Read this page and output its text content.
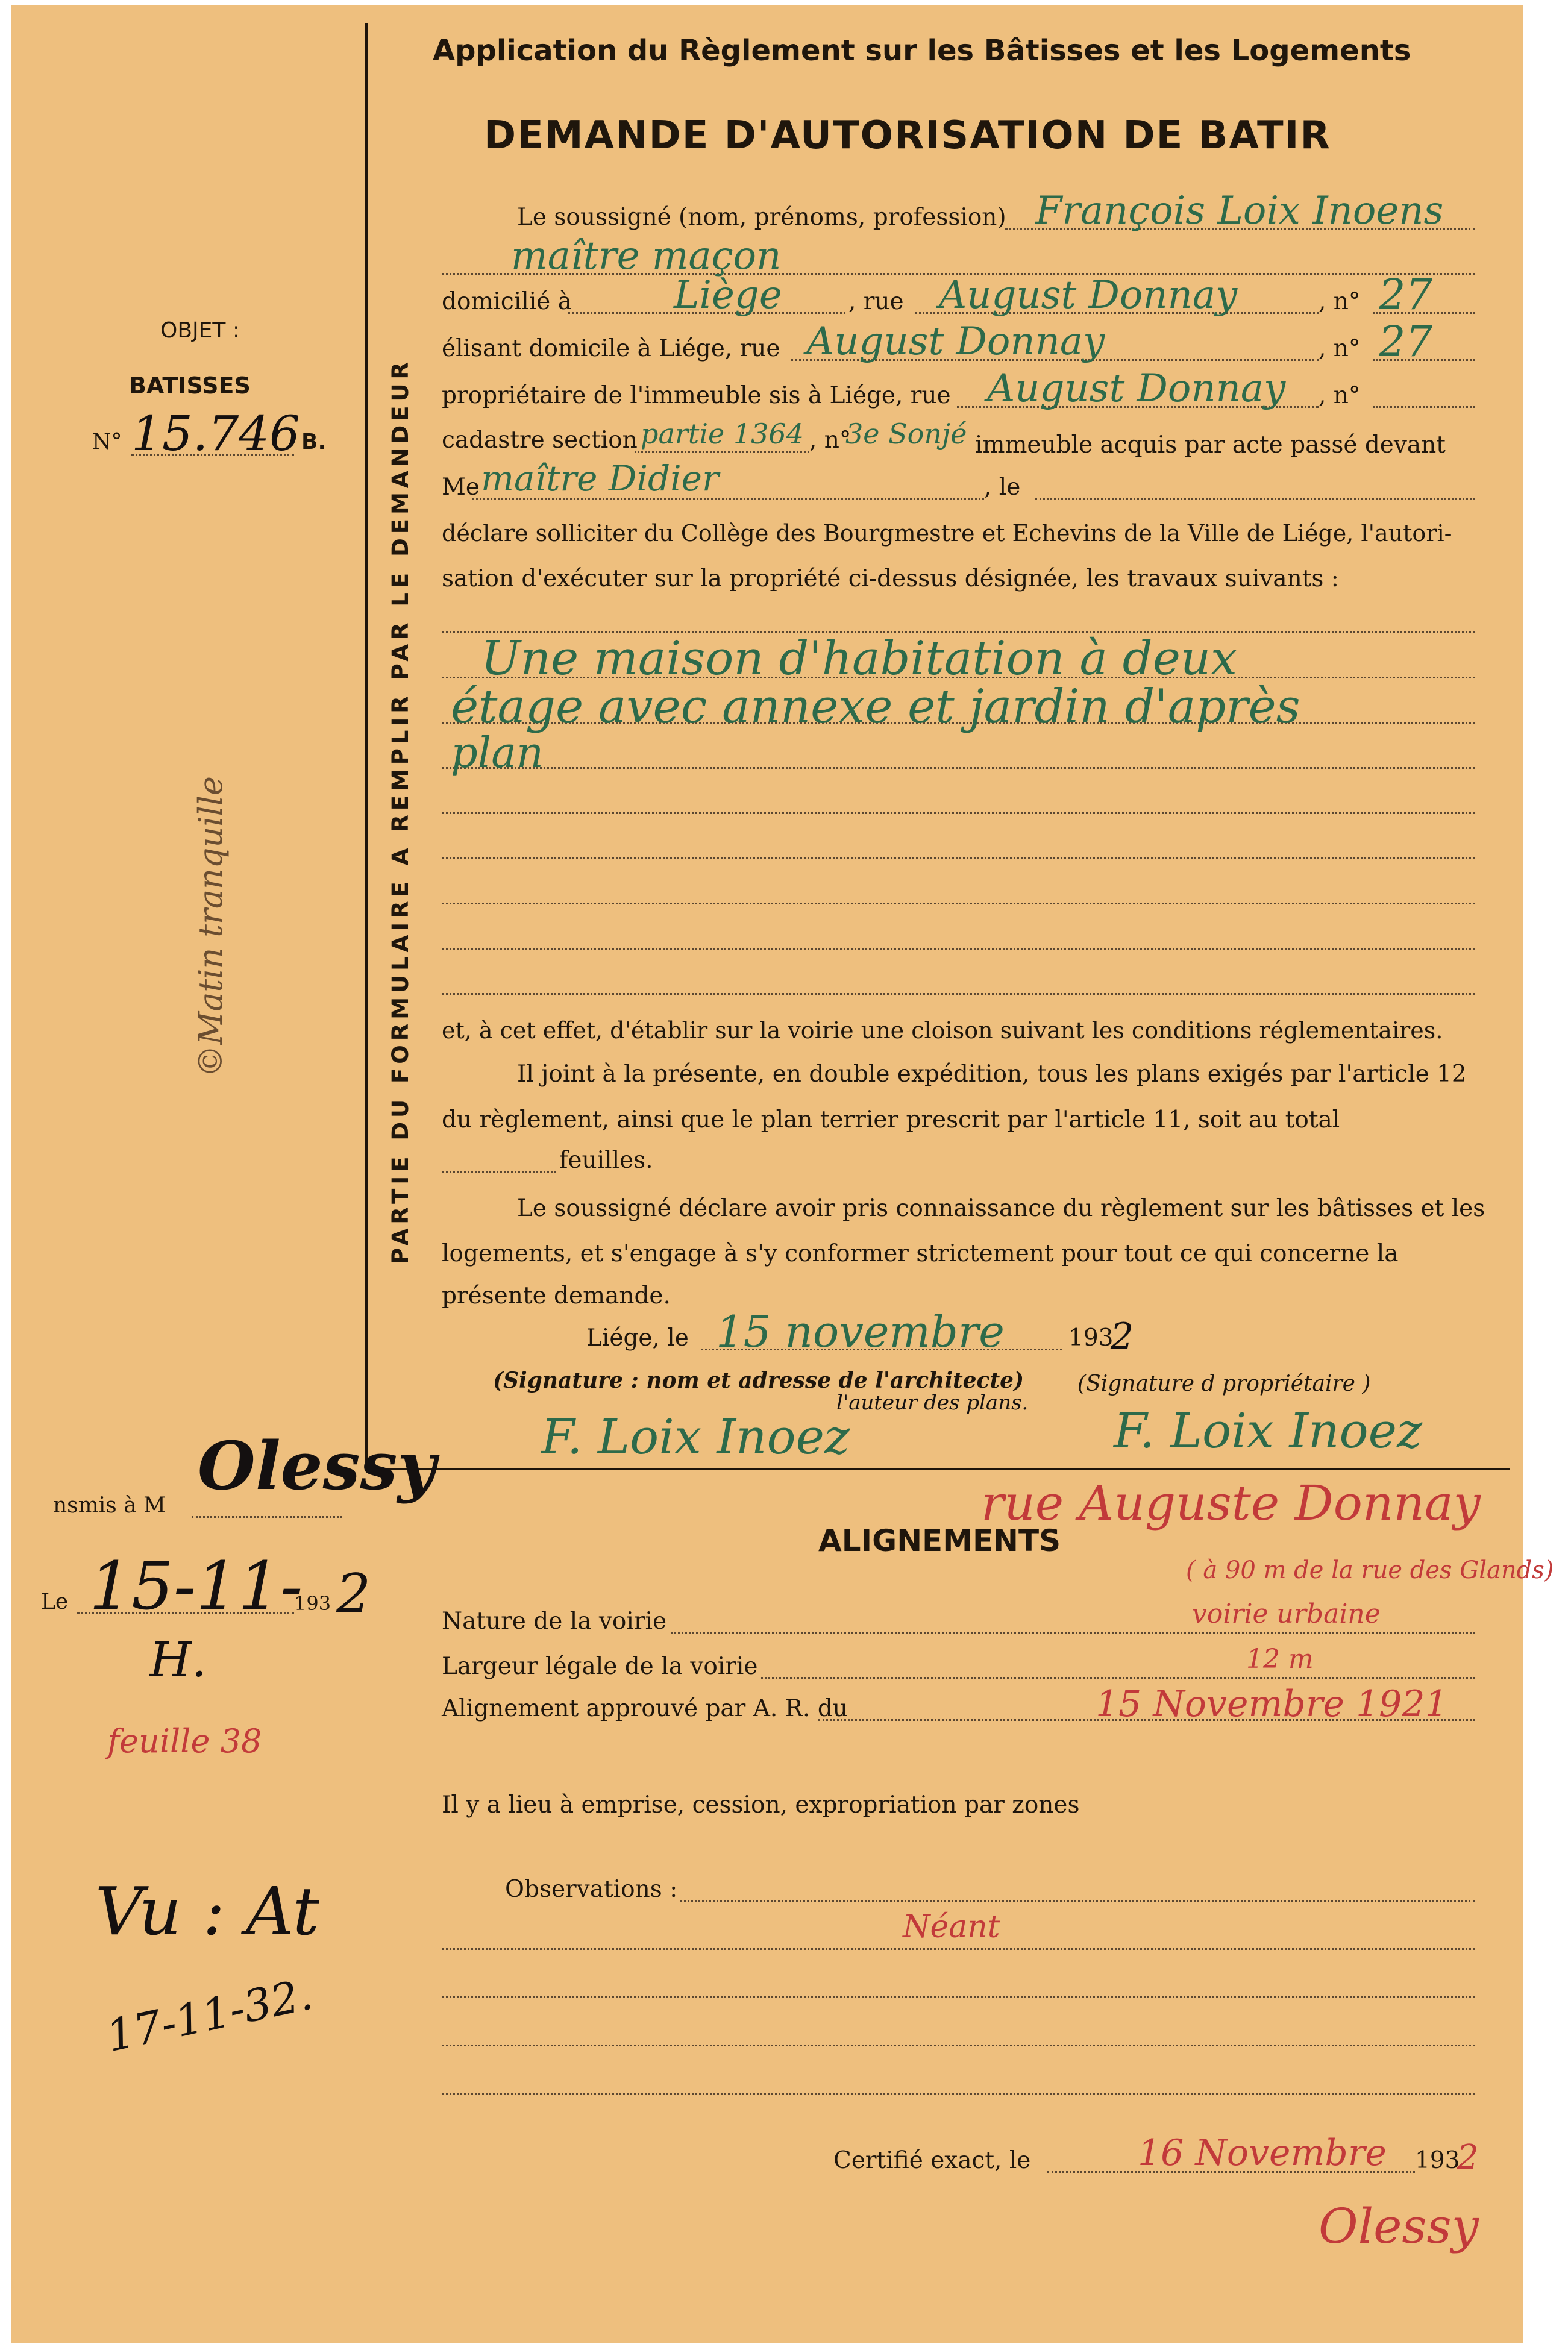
Application du Règlement sur les Bâtisses et les Logements
DEMANDE D'AUTORISATION DE BATIR
OBJET :
BATISSES
N° 15.746 B.
©Matin tranquille
nsmis à M
Olessy
Le 15-11-
193 2
H.
feuille 38
Vu : At
17-11-32.
PARTIE DU FORMULAIRE A REMPLIR PAR LE DEMANDEUR
Le soussigné (nom, prénoms, profession) François Loix Inoens
maître maçon
domicilié à	Liège	, rue August Donnay	, n° 27
élisant domicile à Liége, rue August Donnay	, n° 27
propriétaire de l'immeuble sis à Liége, rue August Donnay , n°
cadastre section partie 1364 , n°
3e Sonjé immeuble acquis par acte passé devant
Me maître Didier	, le
déclare solliciter du Collège des Bourgmestre et Echevins de la Ville de Liége, l'autori-
sation d'exécuter sur la propriété ci-dessus désignée, les travaux suivants :
Une maison d'habitation à deux
étage avec annexe et jardin d'après
plan
et, à cet effet, d'établir sur la voirie une cloison suivant les conditions réglementaires.
Il joint à la présente, en double expédition, tous les plans exigés par l'article 12
du règlement, ainsi que le plan terrier prescrit par l'article 11, soit au total
feuilles.
Le soussigné déclare avoir pris connaissance du règlement sur les bâtisses et les
logements, et s'engage à s'y conformer strictement pour tout ce qui concerne la
présente demande.
Liége, le 15 novembre	193
2
(Signature : nom et adresse de l'architecte)
l'auteur des plans.
(Signature d propriétaire )
F. Loix Inoez	F. Loix Inoez
rue Auguste Donnay
ALIGNEMENTS
( à 90 m de la rue des Glands)
Nature de la voirie	voirie urbaine
Largeur légale de la voirie	12 m
Alignement approuvé par A. R. du	15 Novembre 1921
Il y a lieu à emprise, cession, expropriation par zones
Observations :
Néant
Certifié exact, le	16 Novembre 193
2
Olessy
